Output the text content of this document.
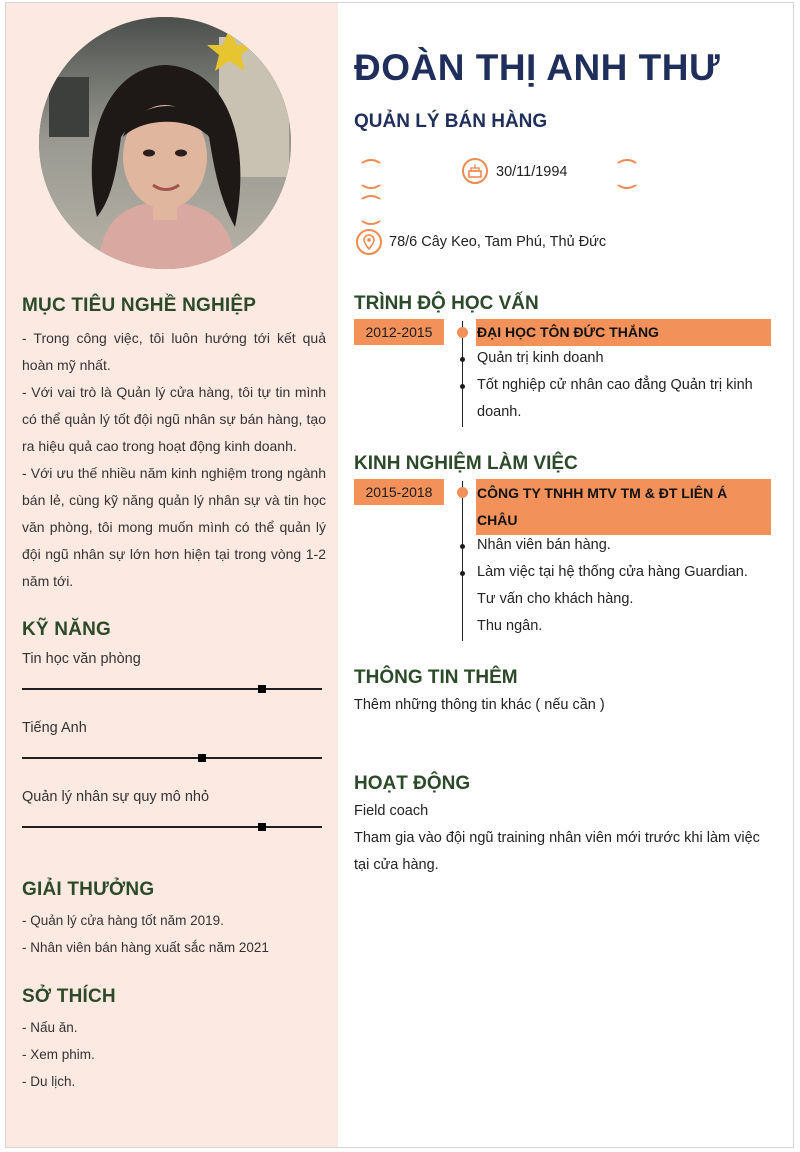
MỤC TIÊU NGHỀ NGHIỆP

- Trong công việc, tôi luôn hướng tới kết quả hoàn mỹ nhất.

- Với vai trò là Quản lý cửa hàng, tôi tự tin mình có thể quản lý tốt đội ngũ nhân sự bán hàng, tạo ra hiệu quả cao trong hoạt động kinh doanh.

- Với ưu thế nhiều năm kinh nghiệm trong ngành bán lẻ, cùng kỹ năng quản lý nhân sự và tin học văn phòng, tôi mong muốn mình có thể quản lý đội ngũ nhân sự lớn hơn hiện tại trong vòng 1-2 năm tới.

KỸ NĂNG
Tin học văn phòng
Tiếng Anh
Quản lý nhân sự quy mô nhỏ
GIẢI THƯỞNG
- Quản lý cửa hàng tốt năm 2019.
- Nhân viên bán hàng xuất sắc năm 2021
SỞ THÍCH
- Nấu ăn.
- Xem phim.
- Du lịch.
ĐOÀN THỊ ANH THƯ
QUẢN LÝ BÁN HÀNG
30/11/1994
78/6 Cây Keo, Tam Phú, Thủ Đức
TRÌNH ĐỘ HỌC VẤN
2012-2015	ĐẠI HỌC TÔN ĐỨC THẮNG
Quản trị kinh doanh
Tốt nghiệp cử nhân cao đẳng Quản trị kinh doanh.
KINH NGHIỆM LÀM VIỆC
2015-2018	CÔNG TY TNHH MTV TM & ĐT LIÊN Á CHÂU
Nhân viên bán hàng.
Làm việc tại hệ thống cửa hàng Guardian.
Tư vấn cho khách hàng.
Thu ngân.
THÔNG TIN THÊM
Thêm những thông tin khác ( nếu cần )
HOẠT ĐỘNG
Field coach
Tham gia vào đội ngũ training nhân viên mới trước khi làm việc tại cửa hàng.
